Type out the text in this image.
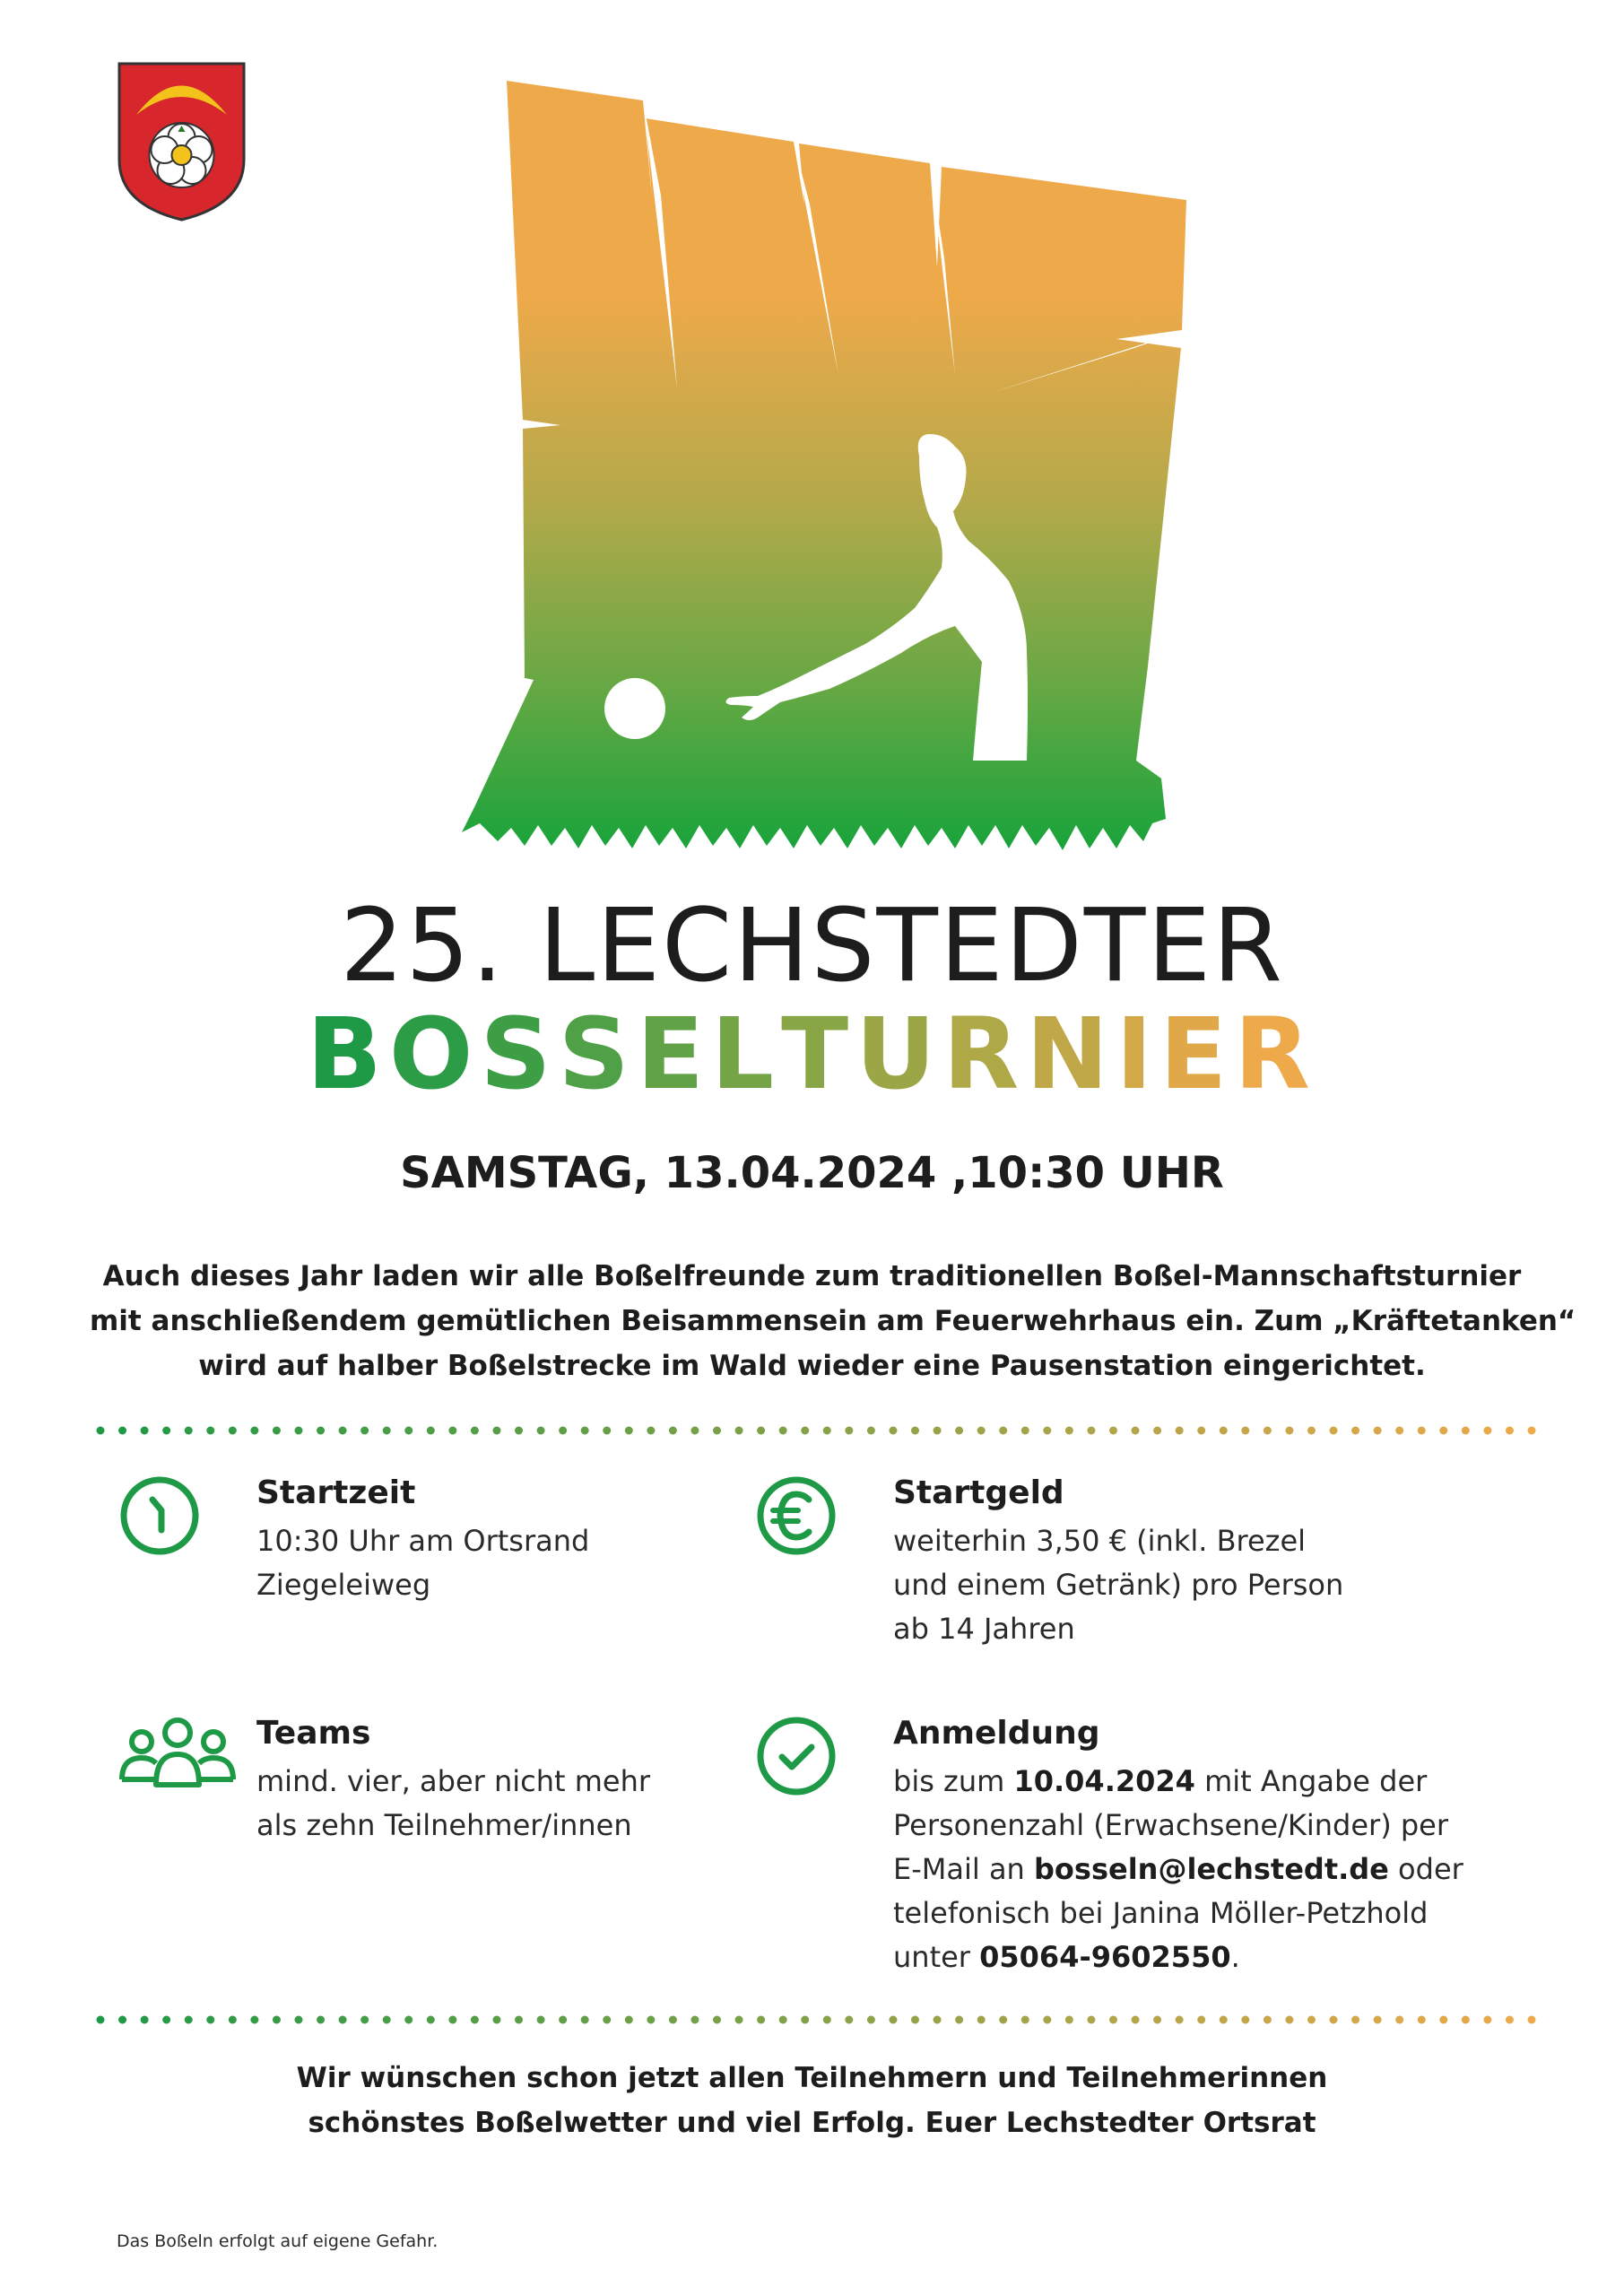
25. LECHSTEDTER
BOSSELTURNIER
SAMSTAG, 13.04.2024 ,10:30 UHR
Auch dieses Jahr laden wir alle Boßelfreunde zum traditionellen Boßel-Mannschaftsturnier
mit anschließendem gemütlichen Beisammensein am Feuerwehrhaus ein. Zum „Kräftetanken“
wird auf halber Boßelstrecke im Wald wieder eine Pausenstation eingerichtet.
Startzeit
10:30 Uhr am Ortsrand
Ziegeleiweg
Startgeld
weiterhin 3,50 € (inkl. Brezel
und einem Getränk) pro Person
ab 14 Jahren
Teams
mind. vier, aber nicht mehr
als zehn Teilnehmer/innen
Anmeldung
bis zum 10.04.2024 mit Angabe der
Personenzahl (Erwachsene/Kinder) per
E-Mail an bosseln@lechstedt.de oder
telefonisch bei Janina Möller-Petzhold
unter 05064-9602550.
Wir wünschen schon jetzt allen Teilnehmern und Teilnehmerinnen
schönstes Boßelwetter und viel Erfolg. Euer Lechstedter Ortsrat
Das Boßeln erfolgt auf eigene Gefahr.
